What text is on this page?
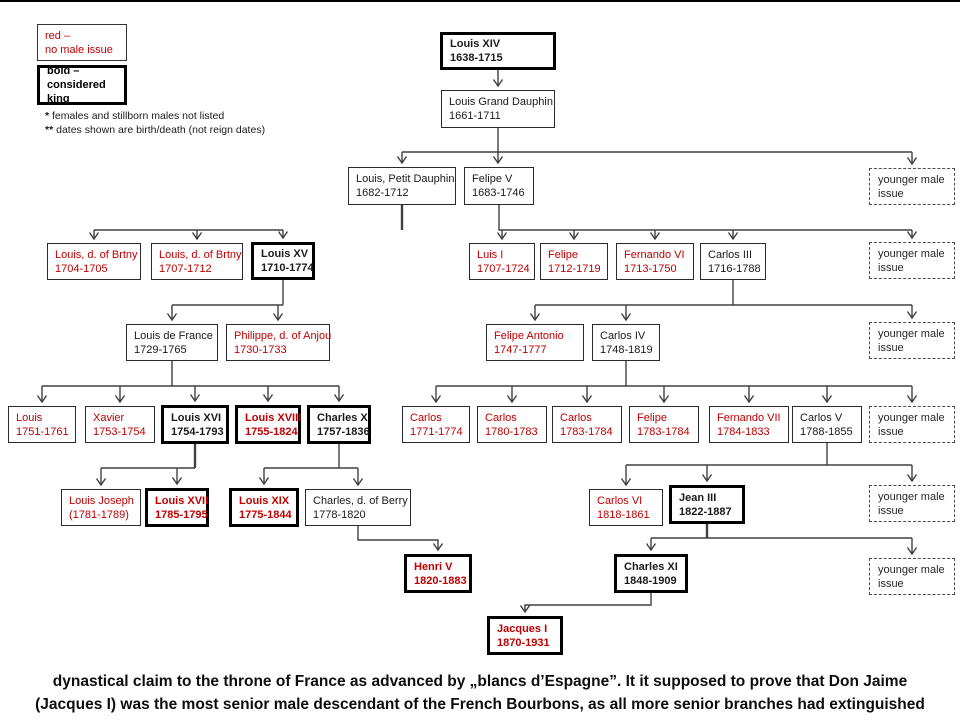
red –
no male issue
bold –
considered king
* females and stillborn males not listed
** dates shown are birth/death (not reign dates)
Louis XIV
1638-1715
Louis Grand Dauphin
1661-1711
Louis, Petit Dauphin
1682-1712
Felipe V
1683-1746
Louis, d. of Brtny
1704-1705
Louis, d. of Brtny
1707-1712
Louis XV
1710-1774
Luis I
1707-1724
Felipe
1712-1719
Fernando VI
1713-1750
Carlos III
1716-1788
Louis de France
1729-1765
Philippe, d. of Anjou
1730-1733
Felipe Antonio
1747-1777
Carlos IV
1748-1819
Louis
1751-1761
Xavier
1753-1754
Louis XVI
1754-1793
Louis XVIII
1755-1824
Charles X
1757-1836
Carlos
1771-1774
Carlos
1780-1783
Carlos
1783-1784
Felipe
1783-1784
Fernando VII
1784-1833
Carlos V
1788-1855
Louis Joseph
(1781-1789)
Louis XVII
1785-1795
Louis XIX
1775-1844
Charles, d. of Berry
1778-1820
Carlos VI
1818-1861
Jean III
1822-1887
Henri V
1820-1883
Charles XI
1848-1909
Jacques I
1870-1931
younger male issue
younger male issue
younger male issue
younger male issue
younger male issue
younger male issue
dynastical claim to the throne of France as advanced by „blancs d’Espagne”. It it supposed to prove that Don Jaime
(Jacques I) was the most senior male descendant of the French Bourbons, as all more senior branches had extinguished
